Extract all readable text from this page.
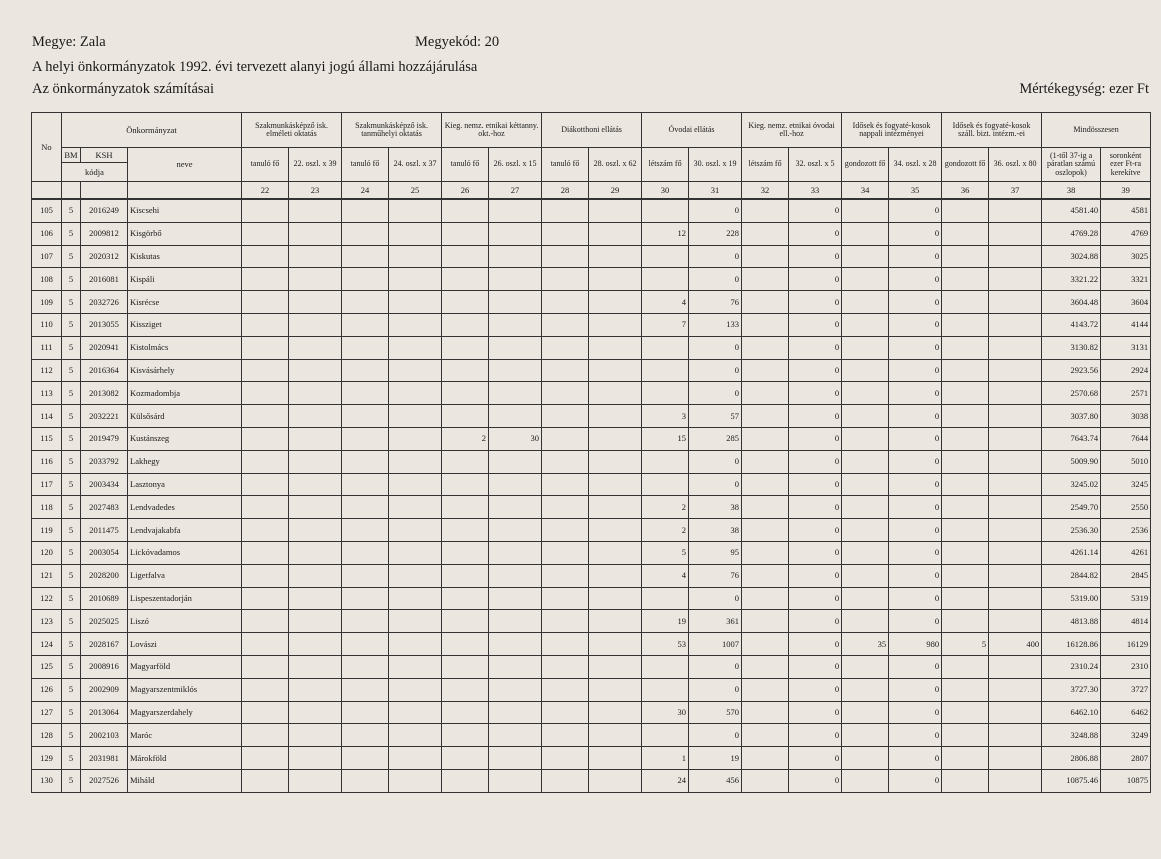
Megye: Zala	Megyekód: 20
A helyi önkormányzatok 1992. évi tervezett alanyi jogú állami hozzájárulása
Az önkormányzatok számításai	Mértékegység: ezer Ft
No	Önkormányzat			Szakmunkásképző isk. elméleti oktatás		Szakmunkásképző isk. tanműhelyi oktatás		Kieg. nemz. etnikai kéttanny. okt.-hoz		Diákotthoni ellátás		Óvodai ellátás		Kieg. nemz. etnikai óvodai ell.-hoz		Idősek és fogyaté-kosok nappali intézményei		Idősek és fogyaté-kosok száll. bizt. intézm.-ei		Mindösszesen	
	BM	KSH	neve	tanuló fő	22. oszl. x 39	tanuló fő	24. oszl. x 37	tanuló fő	26. oszl. x 15	tanuló fő	28. oszl. x 62	létszám fő	30. oszl. x 19	létszám fő	32. oszl. x 5	gondozott fő	34. oszl. x 28	gondozott fő	36. oszl. x 80	(1-től 37-ig a páratlan számú oszlopok)	soronként ezer Ft-ra kerekítve
	kódja																				
				22	23	24	25	26	27	28	29	30	31	32	33	34	35	36	37	38	39
105	5	2016249	Kiscsehi										0		0		0			4581.40	4581
106	5	2009812	Kisgörbő									12	228		0		0			4769.28	4769
107	5	2020312	Kiskutas										0		0		0			3024.88	3025
108	5	2016081	Kispáli										0		0		0			3321.22	3321
109	5	2032726	Kisrécse									4	76		0		0			3604.48	3604
110	5	2013055	Kissziget									7	133		0		0			4143.72	4144
111	5	2020941	Kistolmács										0		0		0			3130.82	3131
112	5	2016364	Kisvásárhely										0		0		0			2923.56	2924
113	5	2013082	Kozmadombja										0		0		0			2570.68	2571
114	5	2032221	Külsősárd									3	57		0		0			3037.80	3038
115	5	2019479	Kustánszeg					2	30			15	285		0		0			7643.74	7644
116	5	2033792	Lakhegy										0		0		0			5009.90	5010
117	5	2003434	Lasztonya										0		0		0			3245.02	3245
118	5	2027483	Lendvadedes									2	38		0		0			2549.70	2550
119	5	2011475	Lendvajakabfa									2	38		0		0			2536.30	2536
120	5	2003054	Lickóvadamos									5	95		0		0			4261.14	4261
121	5	2028200	Ligetfalva									4	76		0		0			2844.82	2845
122	5	2010689	Lispeszentadorján										0		0		0			5319.00	5319
123	5	2025025	Liszó									19	361		0		0			4813.88	4814
124	5	2028167	Lovászi									53	1007		0	35	980	5	400	16128.86	16129
125	5	2008916	Magyarföld										0		0		0			2310.24	2310
126	5	2002909	Magyarszentmiklós										0		0		0			3727.30	3727
127	5	2013064	Magyarszerdahely									30	570		0		0			6462.10	6462
128	5	2002103	Maróc										0		0		0			3248.88	3249
129	5	2031981	Márokföld									1	19		0		0			2806.88	2807
130	5	2027526	Miháld									24	456		0		0			10875.46	10875
